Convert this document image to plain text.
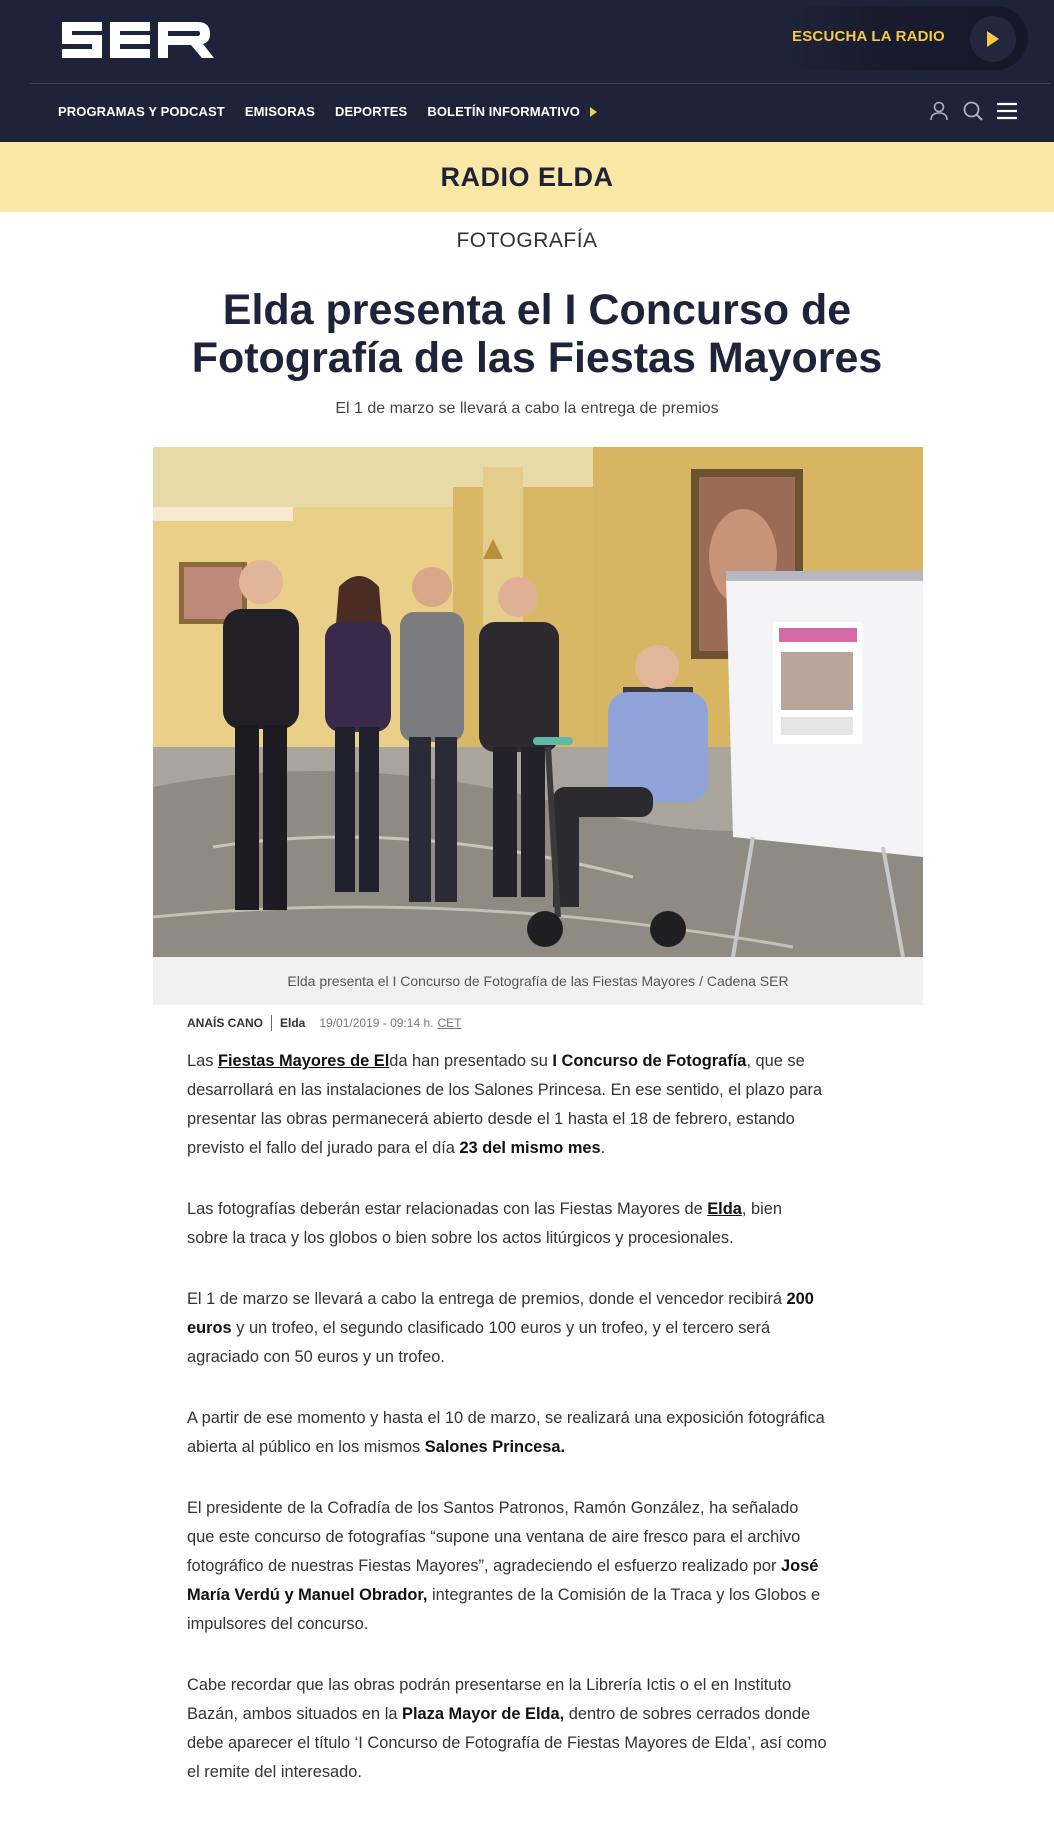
ESCUCHA LA RADIO
PROGRAMAS Y PODCAST EMISORAS DEPORTES BOLETÍN INFORMATIVO
RADIO ELDA
FOTOGRAFÍA
Elda presenta el I Concurso de Fotografía de las Fiestas Mayores
El 1 de marzo se llevará a cabo la entrega de premios
Elda presenta el I Concurso de Fotografía de las Fiestas Mayores / Cadena SER
ANAÍS CANO Elda 19/01/2019 - 09:14 h. CET

Las Fiestas Mayores de Elda han presentado su I Concurso de Fotografía, que se desarrollará en las instalaciones de los Salones Princesa. En ese sentido, el plazo para presentar las obras permanecerá abierto desde el 1 hasta el 18 de febrero, estando previsto el fallo del jurado para el día 23 del mismo mes.

Las fotografías deberán estar relacionadas con las Fiestas Mayores de Elda, bien sobre la traca y los globos o bien sobre los actos litúrgicos y procesionales.

El 1 de marzo se llevará a cabo la entrega de premios, donde el vencedor recibirá 200 euros y un trofeo, el segundo clasificado 100 euros y un trofeo, y el tercero será agraciado con 50 euros y un trofeo.

A partir de ese momento y hasta el 10 de marzo, se realizará una exposición fotográfica abierta al público en los mismos Salones Princesa.

El presidente de la Cofradía de los Santos Patronos, Ramón González, ha señalado que este concurso de fotografías “supone una ventana de aire fresco para el archivo fotográfico de nuestras Fiestas Mayores”, agradeciendo el esfuerzo realizado por José María Verdú y Manuel Obrador, integrantes de la Comisión de la Traca y los Globos e impulsores del concurso.

Cabe recordar que las obras podrán presentarse en la Librería Ictis o el en Instituto Bazán, ambos situados en la Plaza Mayor de Elda, dentro de sobres cerrados donde debe aparecer el título ‘I Concurso de Fotografía de Fiestas Mayores de Elda’, así como el remite del interesado.
